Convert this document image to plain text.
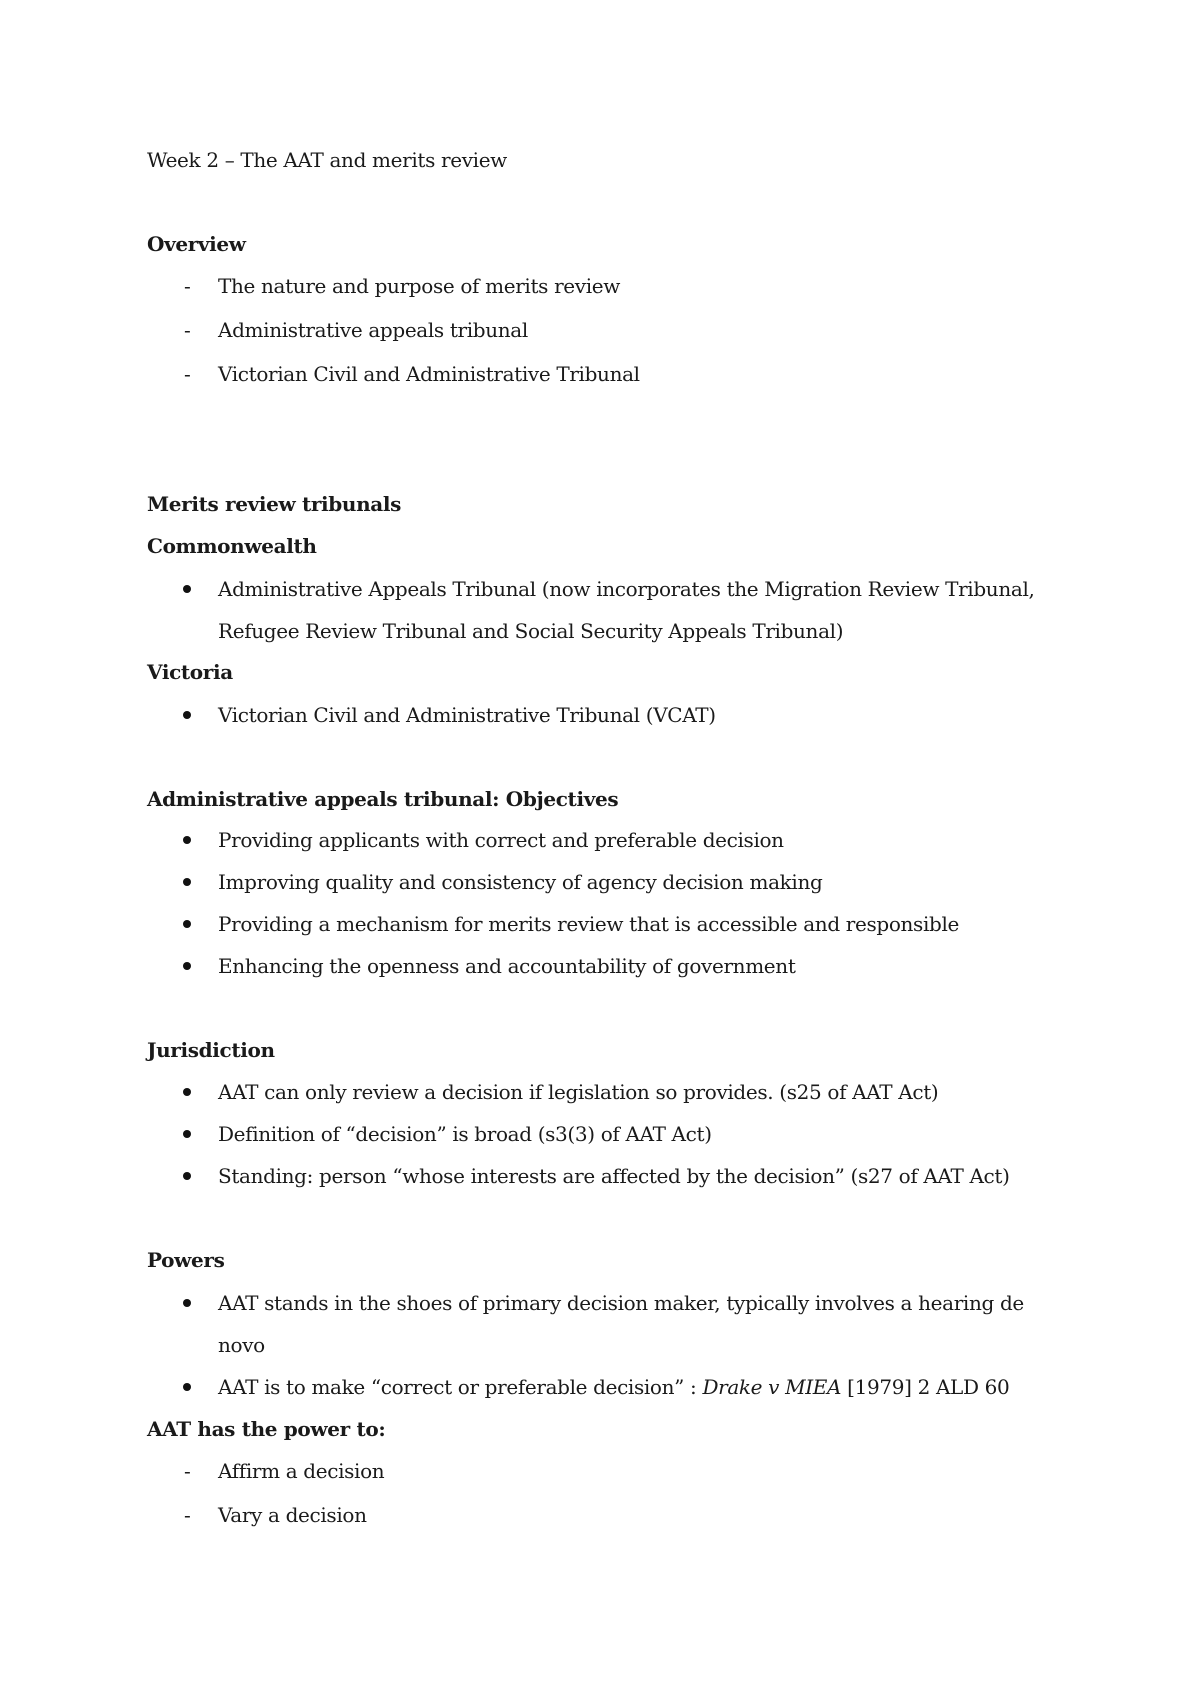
Week 2 – The AAT and merits review
Overview
- The nature and purpose of merits review
- Administrative appeals tribunal
- Victorian Civil and Administrative Tribunal
Merits review tribunals
Commonwealth
Administrative Appeals Tribunal (now incorporates the Migration Review Tribunal,
Refugee Review Tribunal and Social Security Appeals Tribunal)
Victoria
Victorian Civil and Administrative Tribunal (VCAT)
Administrative appeals tribunal: Objectives
Providing applicants with correct and preferable decision
Improving quality and consistency of agency decision making
Providing a mechanism for merits review that is accessible and responsible
Enhancing the openness and accountability of government
Jurisdiction
AAT can only review a decision if legislation so provides. (s25 of AAT Act)
Definition of “decision” is broad (s3(3) of AAT Act)
Standing: person “whose interests are affected by the decision” (s27 of AAT Act)
Powers
AAT stands in the shoes of primary decision maker, typically involves a hearing de
novo
AAT is to make “correct or preferable decision” : Drake v MIEA [1979] 2 ALD 60
AAT has the power to:
- Affirm a decision
- Vary a decision
